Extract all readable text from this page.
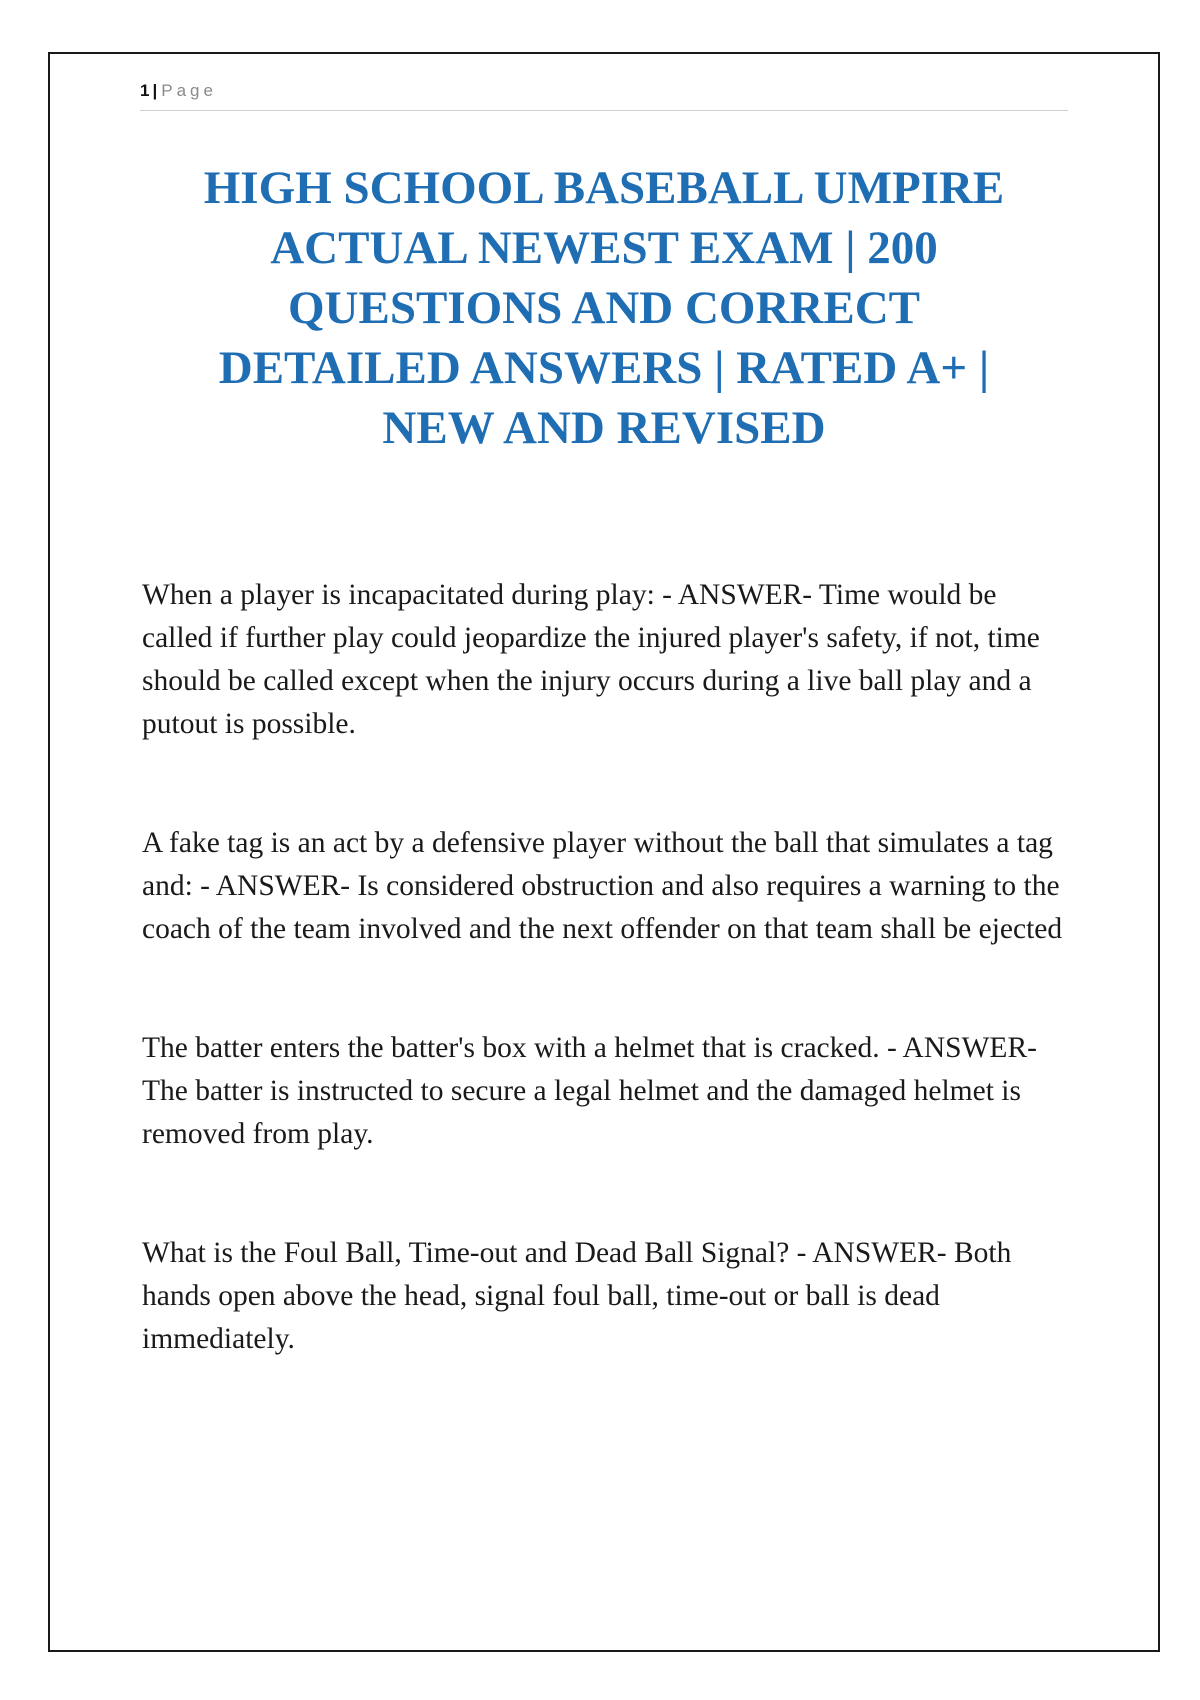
1 | Page
HIGH SCHOOL BASEBALL UMPIRE ACTUAL NEWEST EXAM | 200 QUESTIONS AND CORRECT DETAILED ANSWERS | RATED A+ | NEW AND REVISED

When a player is incapacitated during play: - ANSWER- Time would be called if further play could jeopardize the injured player's safety, if not, time should be called except when the injury occurs during a live ball play and a putout is possible.

A fake tag is an act by a defensive player without the ball that simulates a tag and: - ANSWER- Is considered obstruction and also requires a warning to the coach of the team involved and the next offender on that team shall be ejected

The batter enters the batter's box with a helmet that is cracked. - ANSWER- The batter is instructed to secure a legal helmet and the damaged helmet is removed from play.

What is the Foul Ball, Time-out and Dead Ball Signal? - ANSWER- Both hands open above the head, signal foul ball, time-out or ball is dead immediately.
